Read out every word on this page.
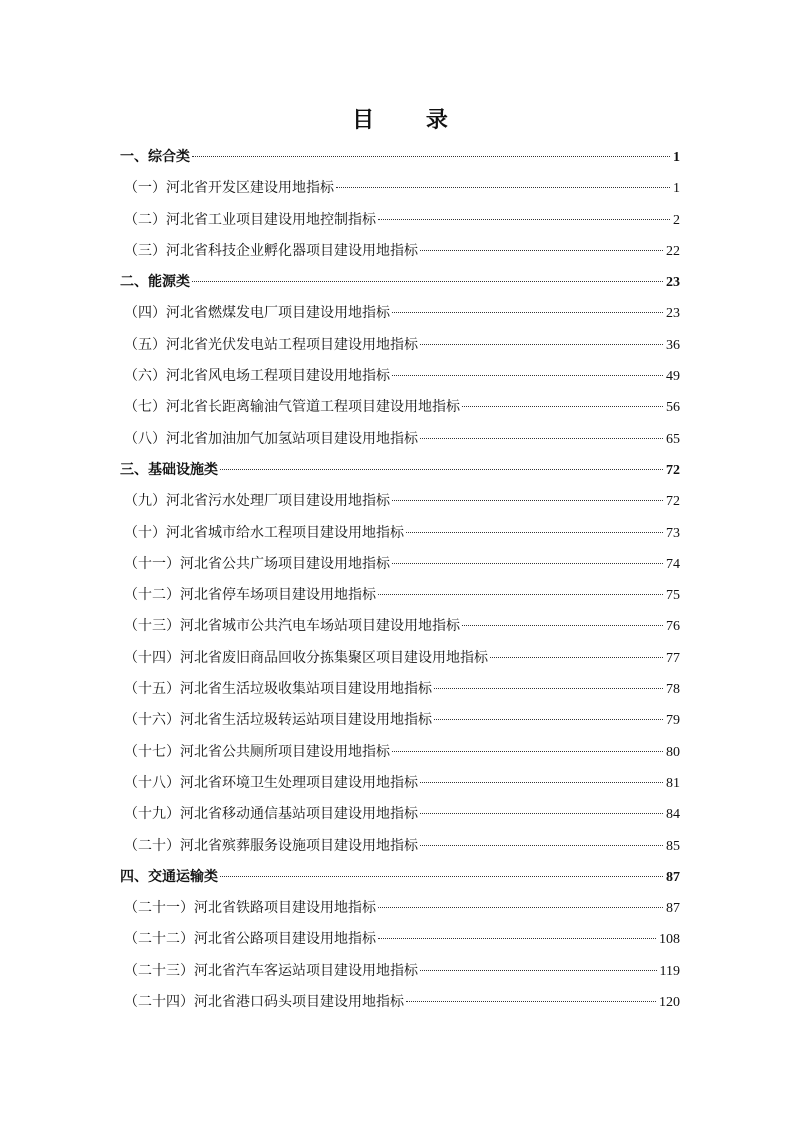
目 录
一、综合类	1
（一）河北省开发区建设用地指标	1
（二）河北省工业项目建设用地控制指标	2
（三）河北省科技企业孵化器项目建设用地指标	22
二、能源类	23
（四）河北省燃煤发电厂项目建设用地指标	23
（五）河北省光伏发电站工程项目建设用地指标	36
（六）河北省风电场工程项目建设用地指标	49
（七）河北省长距离输油气管道工程项目建设用地指标	56
（八）河北省加油加气加氢站项目建设用地指标	65
三、基础设施类	72
（九）河北省污水处理厂项目建设用地指标	72
（十）河北省城市给水工程项目建设用地指标	73
（十一）河北省公共广场项目建设用地指标	74
（十二）河北省停车场项目建设用地指标	75
（十三）河北省城市公共汽电车场站项目建设用地指标	76
（十四）河北省废旧商品回收分拣集聚区项目建设用地指标	77
（十五）河北省生活垃圾收集站项目建设用地指标	78
（十六）河北省生活垃圾转运站项目建设用地指标	79
（十七）河北省公共厕所项目建设用地指标	80
（十八）河北省环境卫生处理项目建设用地指标	81
（十九）河北省移动通信基站项目建设用地指标	84
（二十）河北省殡葬服务设施项目建设用地指标	85
四、交通运输类	87
（二十一）河北省铁路项目建设用地指标	87
（二十二）河北省公路项目建设用地指标	108
（二十三）河北省汽车客运站项目建设用地指标	119
（二十四）河北省港口码头项目建设用地指标	120
